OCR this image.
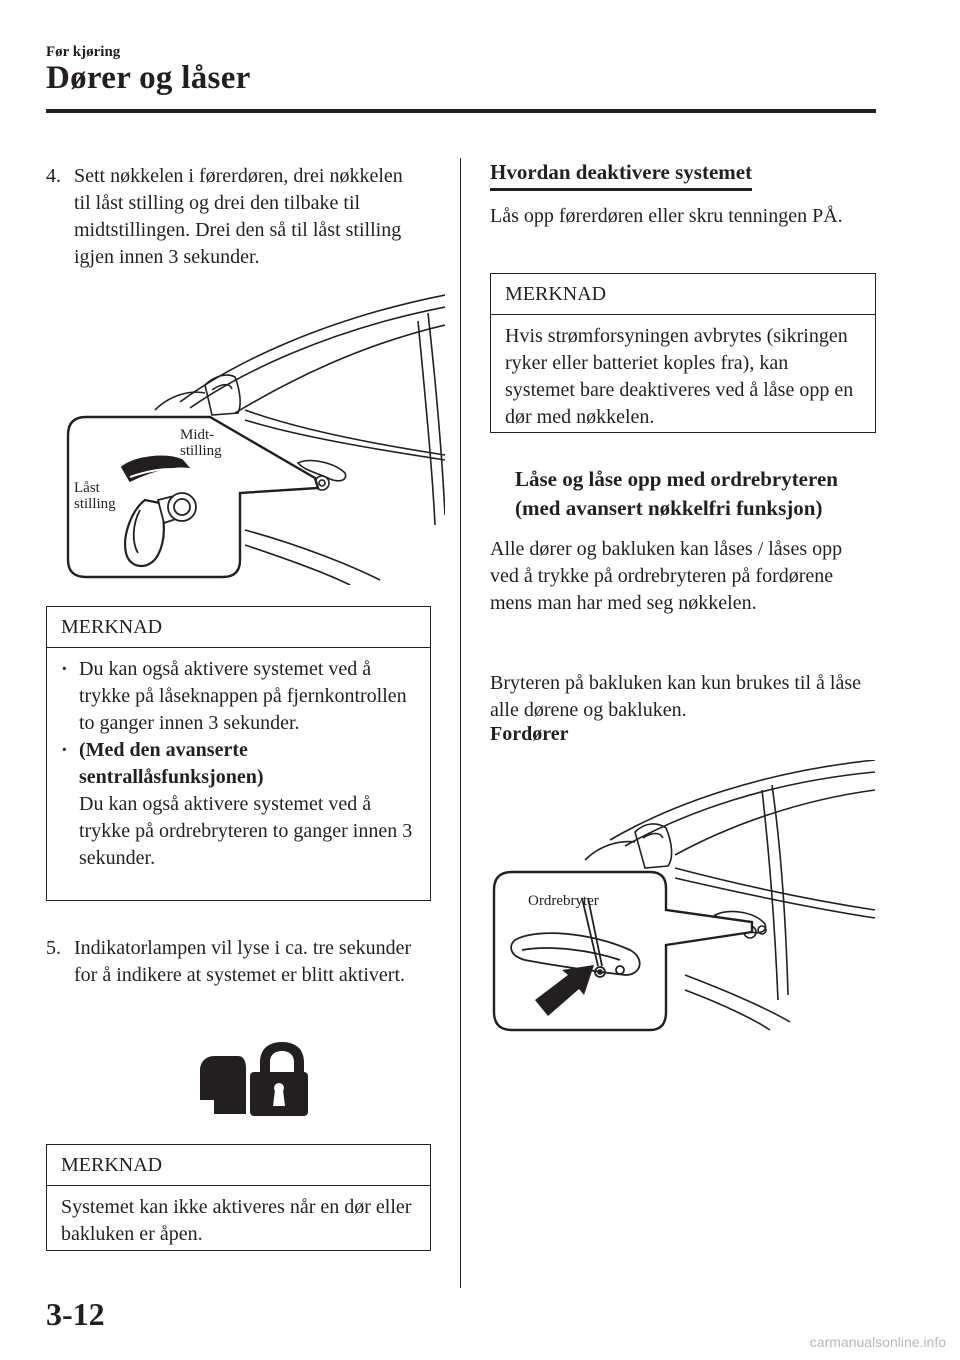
Før kjøring
Dører og låser
4. Sett nøkkelen i førerdøren, drei nøkkelen til låst stilling og drei den tilbake til midtstillingen. Drei den så til låst stilling igjen innen 3 sekunder.
Midt-
stilling
Låst
stilling
MERKNAD
· Du kan også aktivere systemet ved å trykke på låseknappen på fjernkontrollen to ganger innen 3 sekunder.
· (Med den avanserte sentrallåsfunksjonen)
Du kan også aktivere systemet ved å trykke på ordrebryteren to ganger innen 3 sekunder.
5. Indikatorlampen vil lyse i ca. tre sekunder for å indikere at systemet er blitt aktivert.
MERKNAD
Systemet kan ikke aktiveres når en dør eller bakluken er åpen.
Hvordan deaktivere systemet
Lås opp førerdøren eller skru tenningen PÅ.
MERKNAD
Hvis strømforsyningen avbrytes (sikringen ryker eller batteriet koples fra), kan systemet bare deaktiveres ved å låse opp en dør med nøkkelen.
Låse og låse opp med ordrebryteren (med avansert nøkkelfri funksjon)
Alle dører og bakluken kan låses / låses opp ved å trykke på ordrebryteren på fordørene mens man har med seg nøkkelen.
Bryteren på bakluken kan kun brukes til å låse alle dørene og bakluken.
Fordører
Ordrebryter
3-12
carmanualsonline.info
